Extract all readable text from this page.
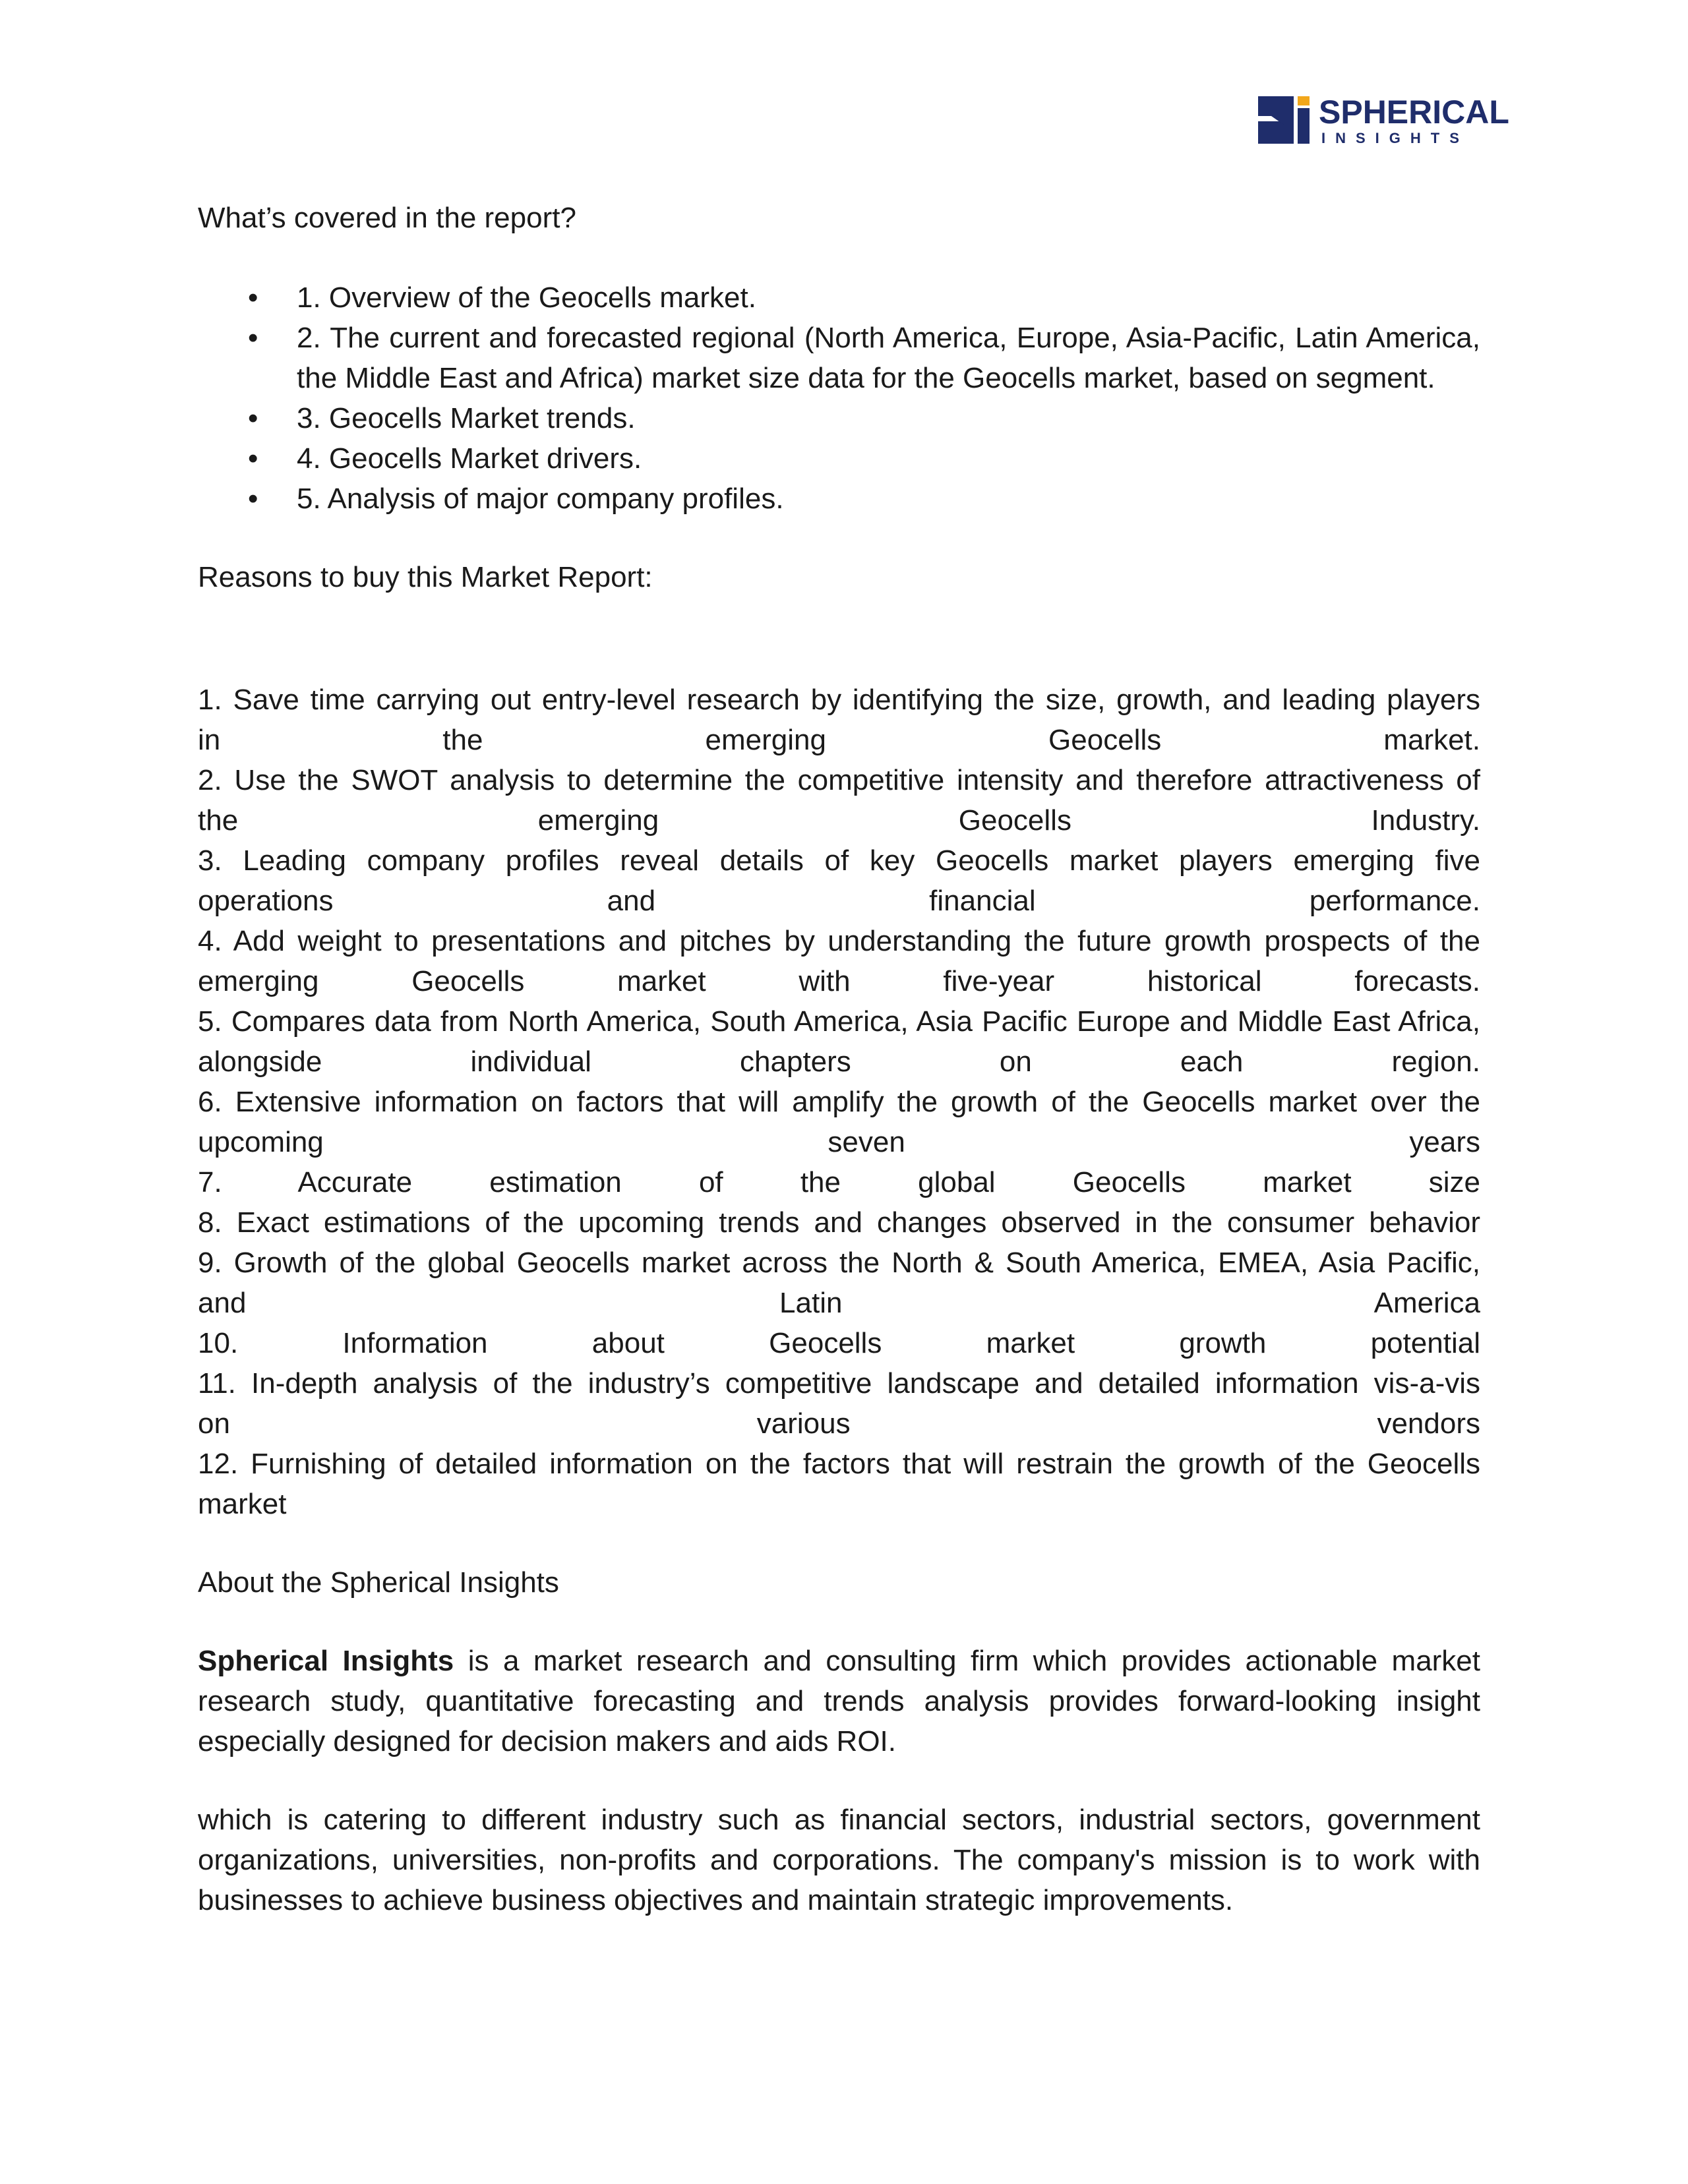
SPHERICAL
INSIGHTS

What’s covered in the report?

• 1. Overview of the Geocells market.
• 2. The current and forecasted regional (North America, Europe, Asia-Pacific, Latin America, the Middle East and Africa) market size data for the Geocells market, based on segment.
• 3. Geocells Market trends.
• 4. Geocells Market drivers.
• 5. Analysis of major company profiles.

Reasons to buy this Market Report:

1. Save time carrying out entry-level research by identifying the size, growth, and leading players
in the emerging Geocells market.
2. Use the SWOT analysis to determine the competitive intensity and therefore attractiveness of
the emerging Geocells Industry.
3. Leading company profiles reveal details of key Geocells market players emerging five
operations and financial performance.
4. Add weight to presentations and pitches by understanding the future growth prospects of the
emerging Geocells market with five-year historical forecasts.
5. Compares data from North America, South America, Asia Pacific Europe and Middle East Africa,
alongside individual chapters on each region.
6. Extensive information on factors that will amplify the growth of the Geocells market over the
upcoming seven years
7. Accurate estimation of the global Geocells market size
8. Exact estimations of the upcoming trends and changes observed in the consumer behavior
9. Growth of the global Geocells market across the North & South America, EMEA, Asia Pacific,
and Latin America
10. Information about Geocells market growth potential
11. In-depth analysis of the industry’s competitive landscape and detailed information vis-a-vis
on various vendors
12. Furnishing of detailed information on the factors that will restrain the growth of the Geocells
market

About the Spherical Insights

Spherical Insights is a market research and consulting firm which provides actionable market research study, quantitative forecasting and trends analysis provides forward-looking insight especially designed for decision makers and aids ROI.

which is catering to different industry such as financial sectors, industrial sectors, government organizations, universities, non-profits and corporations. The company's mission is to work with businesses to achieve business objectives and maintain strategic improvements.
